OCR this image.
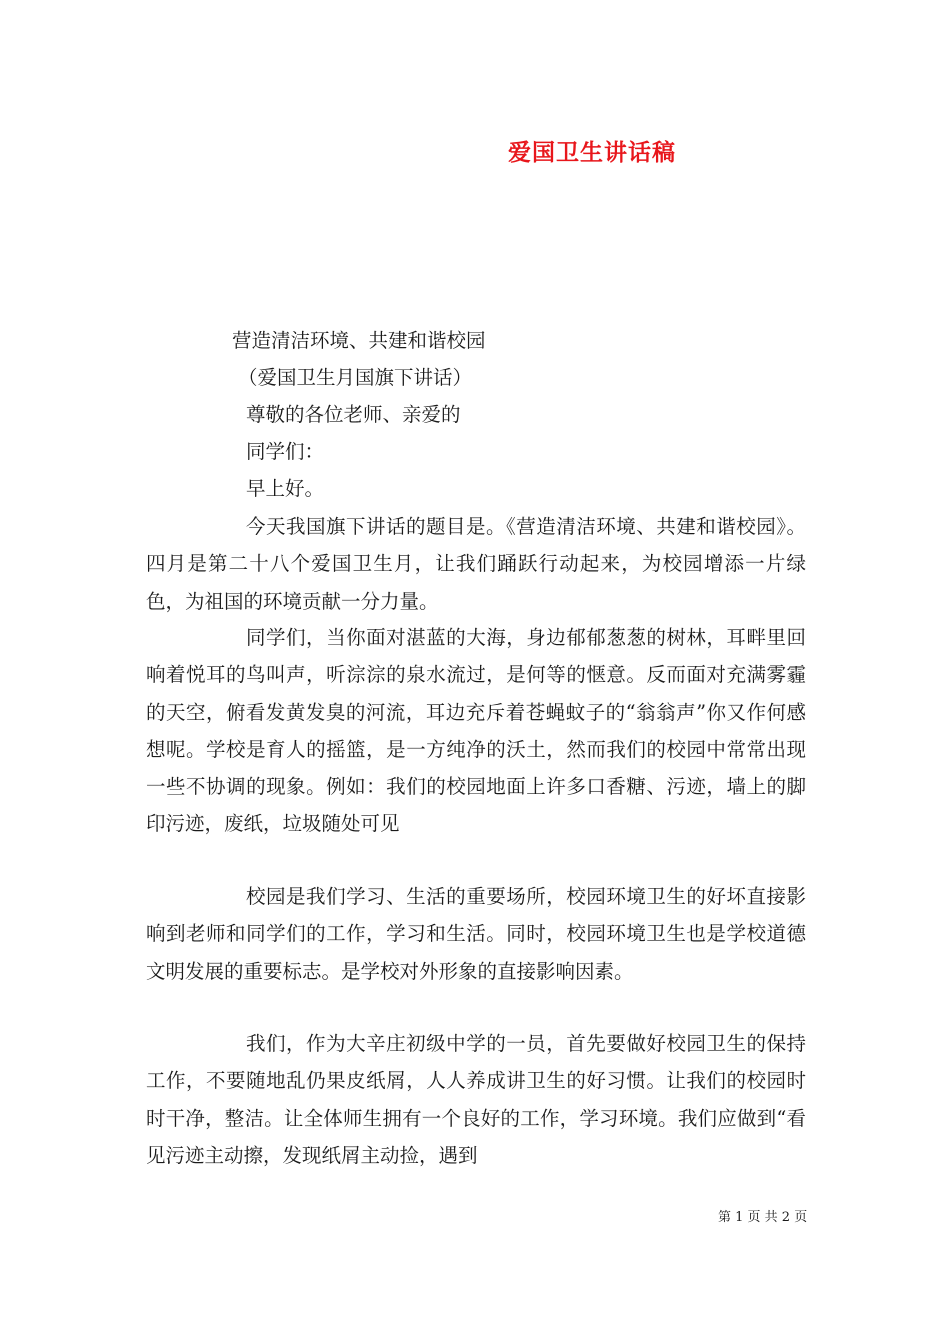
爱国卫生讲话稿
营造清洁环境、共建和谐校园
（爱国卫生月国旗下讲话）
尊敬的各位老师、亲爱的
同学们：
早上好。

今天我国旗下讲话的题目是。《营造清洁环境、共建和谐校园》。四月是第二十八个爱国卫生月，让我们踊跃行动起来，为校园增添一片绿色，为祖国的环境贡献一分力量。

同学们，当你面对湛蓝的大海，身边郁郁葱葱的树林，耳畔里回响着悦耳的鸟叫声，听淙淙的泉水流过，是何等的惬意。反而面对充满雾霾的天空，俯看发黄发臭的河流，耳边充斥着苍蝇蚊子的“翁翁声”你又作何感想呢。学校是育人的摇篮，是一方纯净的沃土，然而我们的校园中常常出现一些不协调的现象。例如：我们的校园地面上许多口香糖、污迹，墙上的脚印污迹，废纸，垃圾随处可见

校园是我们学习、生活的重要场所，校园环境卫生的好坏直接影响到老师和同学们的工作，学习和生活。同时，校园环境卫生也是学校道德文明发展的重要标志。是学校对外形象的直接影响因素。

我们，作为大辛庄初级中学的一员，首先要做好校园卫生的保持工作，不要随地乱仍果皮纸屑，人人养成讲卫生的好习惯。让我们的校园时时干净，整洁。让全体师生拥有一个良好的工作，学习环境。我们应做到“看见污迹主动擦，发现纸屑主动捡，遇到

第 1 页 共 2 页
